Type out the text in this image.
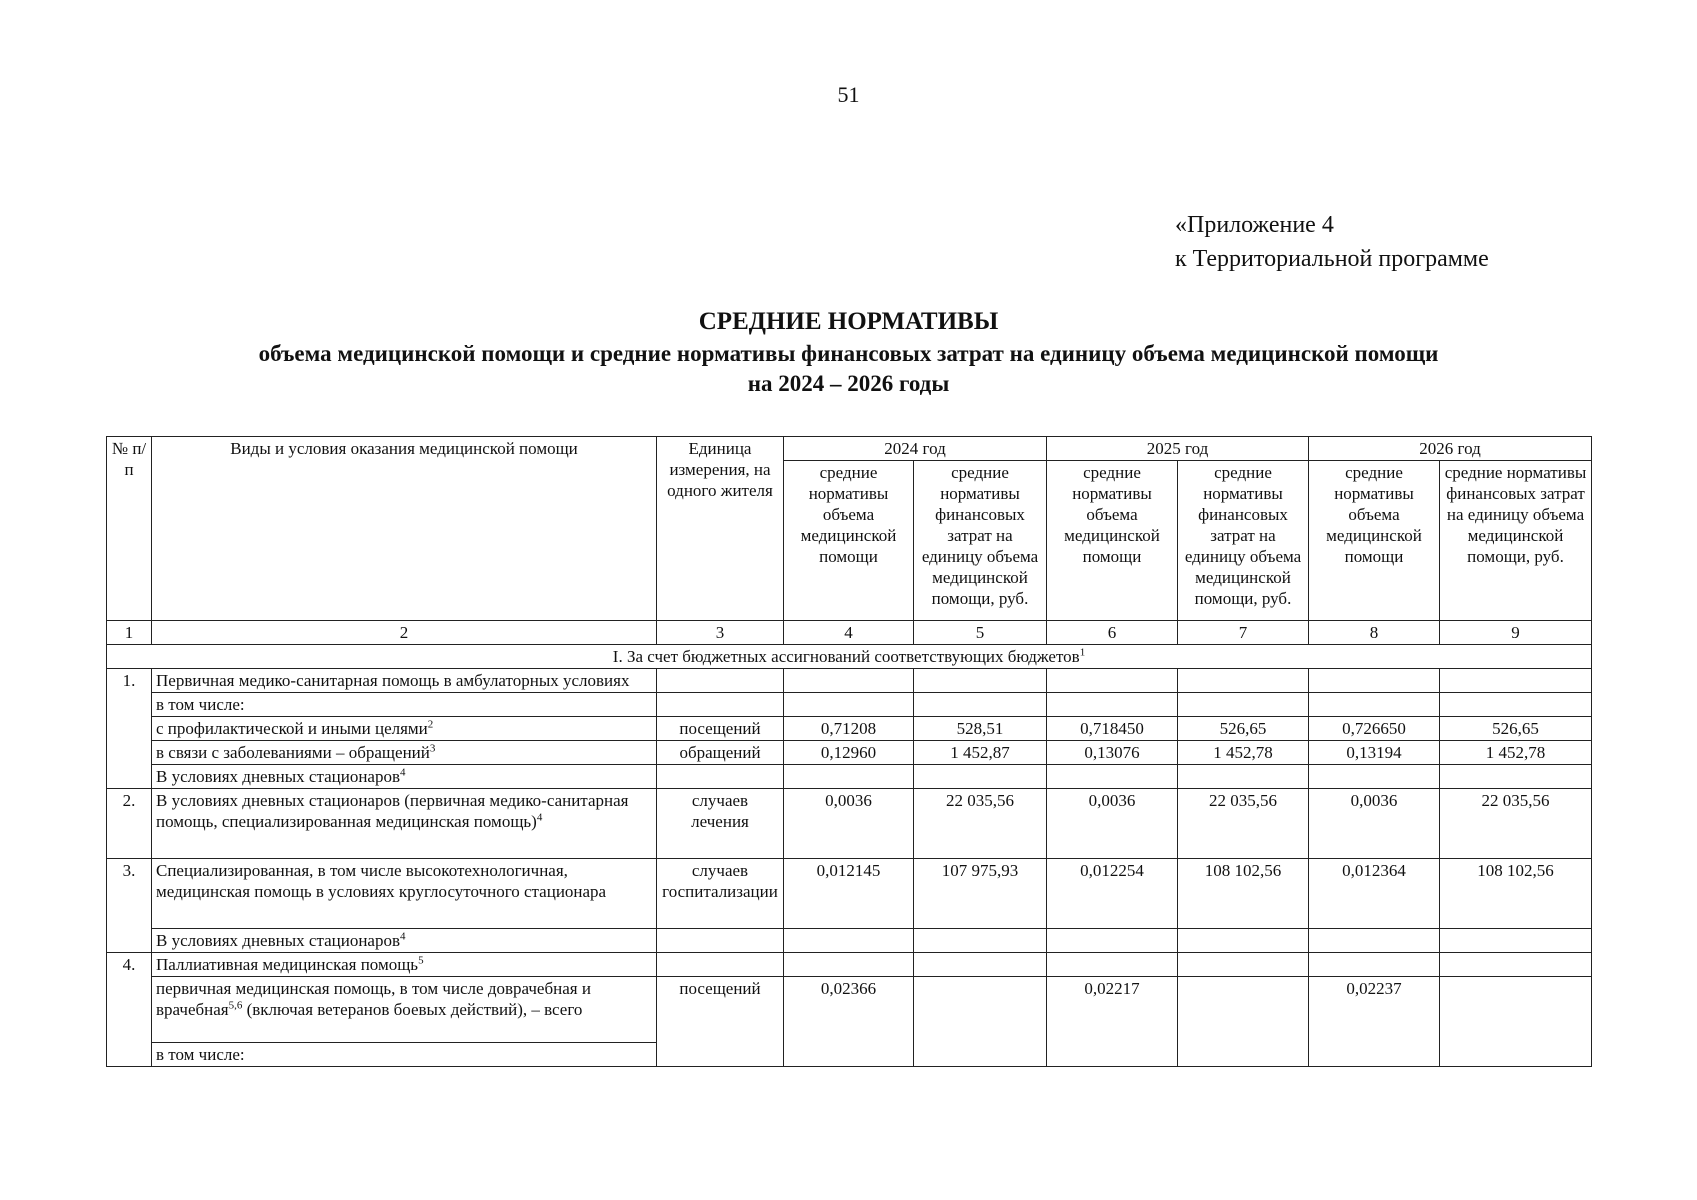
51
«Приложение 4
к Территориальной программе
СРЕДНИЕ НОРМАТИВЫ
объема медицинской помощи и средние нормативы финансовых затрат на единицу объема медицинской помощи
на 2024 – 2026 годы
№ п/п	Виды и условия оказания медицинской помощи	Единица измерения, на одного жителя	2024 год		2025 год		2026 год	
			средние нормативы объема медицинской помощи	средние нормативы финансовых затрат на единицу объема медицинской помощи, руб.	средние нормативы объема медицинской помощи	средние нормативы финансовых затрат на единицу объема медицинской помощи, руб.	средние нормативы объема медицинской помощи	средние нормативы финансовых затрат на единицу объема медицинской помощи, руб.
1	2	3	4	5	6	7	8	9
I. За счет бюджетных ассигнований соответствующих бюджетов$^1$
1.	Первичная медико-санитарная помощь в амбулаторных условиях							
	в том числе:							
	с профилактической и иными целями$^2$	посещений	0,71208	528,51	0,718450	526,65	0,726650	526,65
	в связи с заболеваниями – обращений$^3$	обращений	0,12960	1 452,87	0,13076	1 452,78	0,13194	1 452,78
	В условиях дневных стационаров$^4$							
2.	В условиях дневных стационаров (первичная медико-санитарная помощь, специализированная медицинская помощь)$^4$	случаев лечения	0,0036	22 035,56	0,0036	22 035,56	0,0036	22 035,56
3.	Специализированная, в том числе высокотехнологичная, медицинская помощь в условиях круглосуточного стационара	случаев госпитализации	0,012145	107 975,93	0,012254	108 102,56	0,012364	108 102,56
	В условиях дневных стационаров$^4$							
4.	Паллиативная медицинская помощь$^5$							
	первичная медицинская помощь, в том числе доврачебная и врачебная$^{5,6}$ (включая ветеранов боевых действий), – всего	посещений	0,02366		0,02217		0,02237	
	в том числе:							
